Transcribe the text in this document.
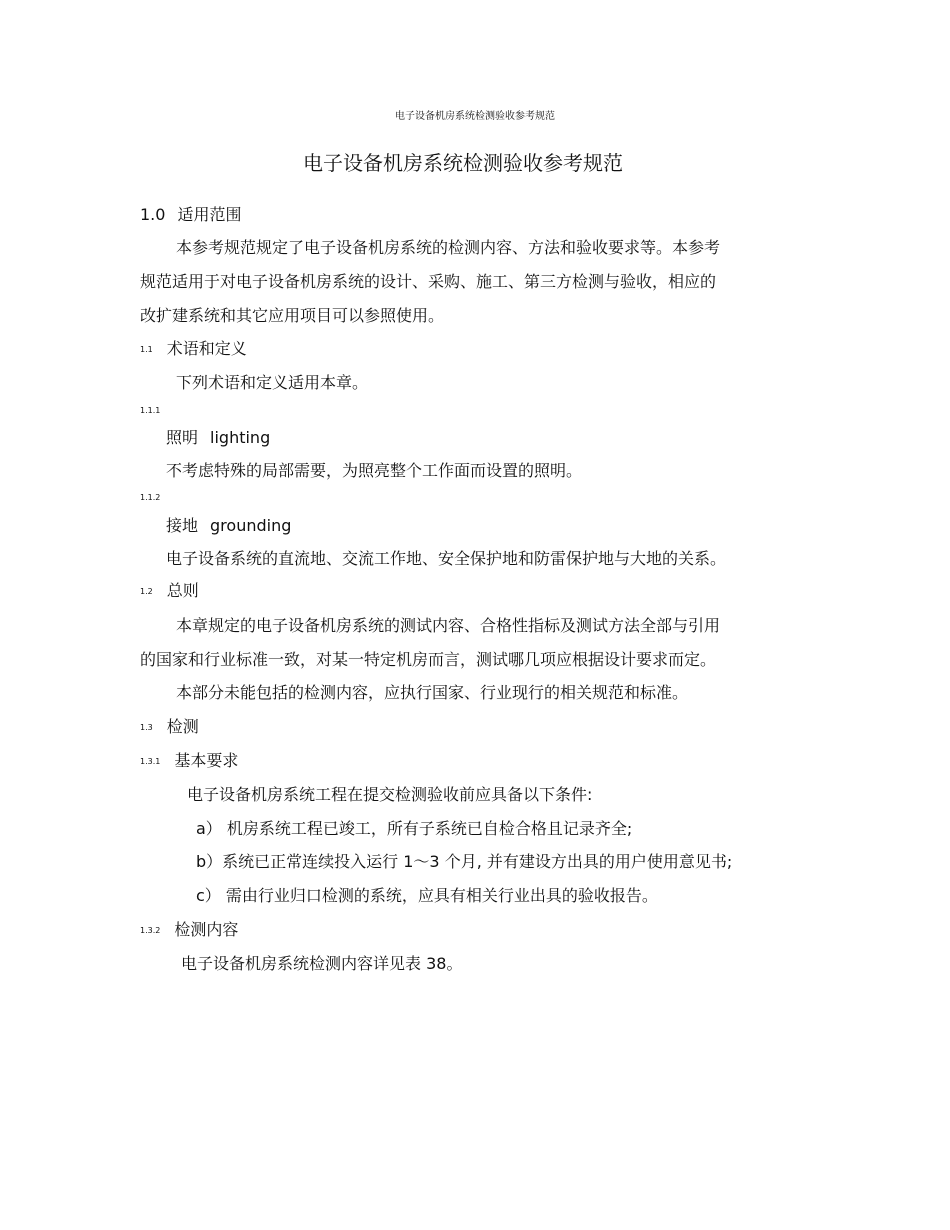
电子设备机房系统检测验收参考规范
电子设备机房系统检测验收参考规范
1.0 适用范围
本参考规范规定了电子设备机房系统的检测内容、方法和验收要求等。本参考
规范适用于对电子设备机房系统的设计、采购、施工、第三方检测与验收，相应的
改扩建系统和其它应用项目可以参照使用。
1.1 术语和定义
下列术语和定义适用本章。
1.1.1
照明 lighting
不考虑特殊的局部需要，为照亮整个工作面而设置的照明。
1.1.2
接地 grounding
电子设备系统的直流地、交流工作地、安全保护地和防雷保护地与大地的关系。
1.2 总则
本章规定的电子设备机房系统的测试内容、合格性指标及测试方法全部与引用
的国家和行业标准一致，对某一特定机房而言，测试哪几项应根据设计要求而定。
本部分未能包括的检测内容，应执行国家、行业现行的相关规范和标准。
1.3 检测
1.3.1 基本要求
电子设备机房系统工程在提交检测验收前应具备以下条件:
a） 机房系统工程已竣工，所有子系统已自检合格且记录齐全;
b）系统已正常连续投入运行 1～3 个月, 并有建设方出具的用户使用意见书;
c） 需由行业归口检测的系统，应具有相关行业出具的验收报告。
1.3.2 检测内容
电子设备机房系统检测内容详见表 38。
